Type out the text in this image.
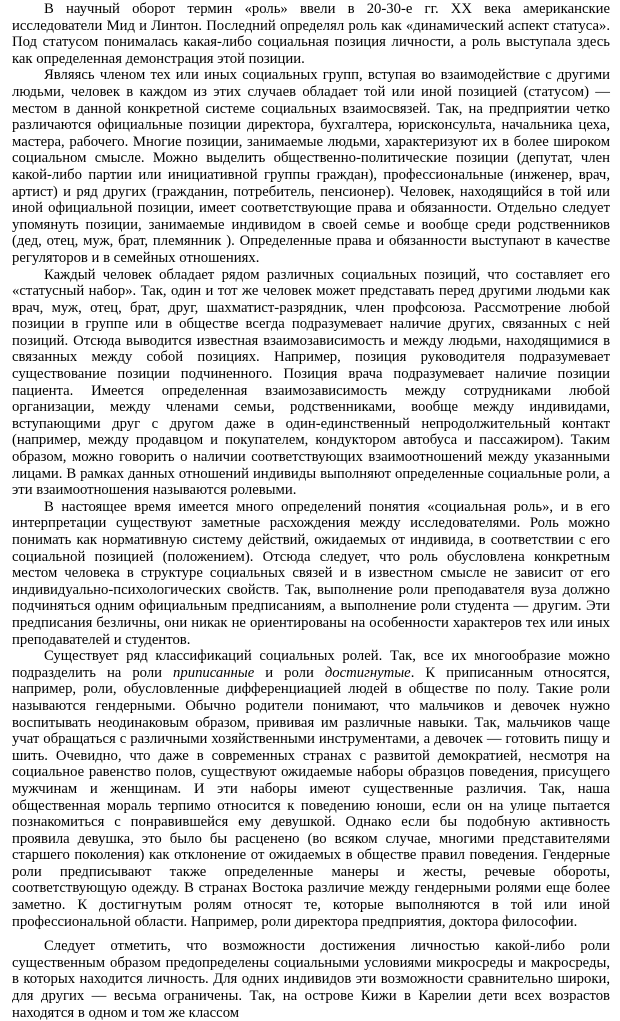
В научный оборот термин «роль» ввели в 20-30-е гг. XX века американские исследователи Мид и Линтон. Последний определял роль как «динамический аспект статуса». Под статусом понималась какая-либо социальная позиция личности, а роль выступала здесь как определенная демонстрация этой позиции.

Являясь членом тех или иных социальных групп, вступая во взаимодействие с другими людьми, человек в каждом из этих случаев обладает той или иной позицией (статусом) — местом в данной конкретной системе социальных взаимосвязей. Так, на предприятии четко различаются официальные позиции директора, бухгалтера, юрисконсульта, начальника цеха, мастера, рабочего. Многие позиции, занимаемые людьми, характеризуют их в более широком социальном смысле. Можно выделить общественно-политические позиции (депутат, член какой-либо партии или инициативной группы граждан), профессиональные (инженер, врач, артист) и ряд других (гражданин, потребитель, пенсионер). Человек, находящийся в той или иной официальной позиции, имеет соответствующие права и обязанности. Отдельно следует упомянуть позиции, занимаемые индивидом в своей семье и вообще среди родственников (дед, отец, муж, брат, племянник ). Определенные права и обязанности выступают в качестве регуляторов и в семейных отношениях.

Каждый человек обладает рядом различных социальных позиций, что составляет его «статусный набор». Так, один и тот же человек может представать перед другими людьми как врач, муж, отец, брат, друг, шахматист-разрядник, член профсоюза. Рассмотрение любой позиции в группе или в обществе всегда подразумевает наличие других, связанных с ней позиций. Отсюда выводится известная взаимозависимость и между людьми, находящимися в связанных между собой позициях. Например, позиция руководителя подразумевает существование позиции подчиненного. Позиция врача подразумевает наличие позиции пациента. Имеется определенная взаимозависимость между сотрудниками любой организации, между членами семьи, родственниками, вообще между индивидами, вступающими друг с другом даже в один-единственный непродолжительный контакт (например, между продавцом и покупателем, кондуктором автобуса и пассажиром). Таким образом, можно говорить о наличии соответствующих взаимоотношений между указанными лицами. В рамках данных отношений индивиды выполняют определенные социальные роли, а эти взаимоотношения называются ролевыми.

В настоящее время имеется много определений понятия «социальная роль», и в его интерпретации существуют заметные расхождения между исследователями. Роль можно понимать как нормативную систему действий, ожидаемых от индивида, в соответствии с его социальной позицией (положением). Отсюда следует, что роль обусловлена конкретным местом человека в структуре социальных связей и в известном смысле не зависит от его индивидуально-психологических свойств. Так, выполнение роли преподавателя вуза должно подчиняться одним официальным предписаниям, а выполнение роли студента — другим. Эти предписания безличны, они никак не ориентированы на особенности характеров тех или иных преподавателей и студентов.

Существует ряд классификаций социальных ролей. Так, все их многообразие можно подразделить на роли приписанные и роли достигнутые. К приписанным относятся, например, роли, обусловленные дифференциацией людей в обществе по полу. Такие роли называются гендерными. Обычно родители понимают, что мальчиков и девочек нужно воспитывать неодинаковым образом, прививая им различные навыки. Так, мальчиков чаще учат обращаться с различными хозяйственными инструментами, а девочек — готовить пищу и шить. Очевидно, что даже в современных странах с развитой демократией, несмотря на социальное равенство полов, существуют ожидаемые наборы образцов поведения, присущего мужчинам и женщинам. И эти наборы имеют существенные различия. Так, наша общественная мораль терпимо относится к поведению юноши, если он на улице пытается познакомиться с понравившейся ему девушкой. Однако если бы подобную активность проявила девушка, это было бы расценено (во всяком случае, многими представителями старшего поколения) как отклонение от ожидаемых в обществе правил поведения. Гендерные роли предписывают также определенные манеры и жесты, речевые обороты, соответствующую одежду. В странах Востока различие между гендерными ролями еще более заметно. К достигнутым ролям относят те, которые выполняются в той или иной профессиональной области. Например, роли директора предприятия, доктора философии.

Следует отметить, что возможности достижения личностью какой-либо роли существенным образом предопределены социальными условиями микросреды и макросреды, в которых находится личность. Для одних индивидов эти возможности сравнительно широки, для других — весьма ограничены. Так, на острове Кижи в Карелии дети всех возрастов находятся в одном и том же классом
